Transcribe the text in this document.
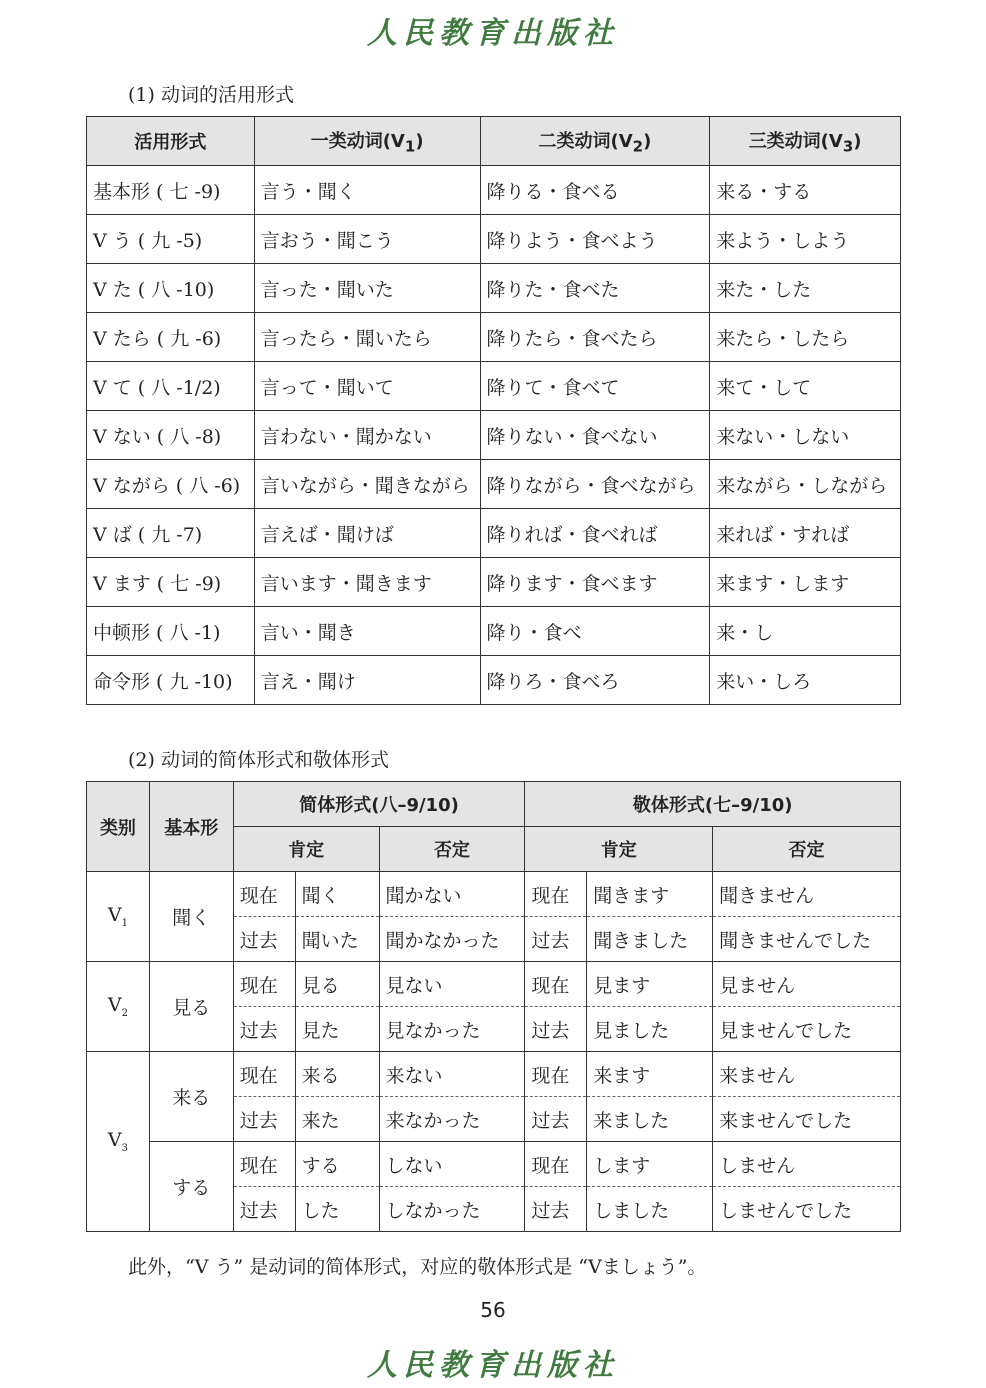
人民教育出版社
(1) 动词的活用形式
活用形式	一类动词$(V_1)$	二类动词$(V_2)$	三类动词$(V_3)$
基本形 ( 七 -9)	言う・聞く	降りる・食べる	来る・する
V う ( 九 -5)	言おう・聞こう	降りよう・食べよう	来よう・しよう
V た ( 八 -10)	言った・聞いた	降りた・食べた	来た・した
V たら ( 九 -6)	言ったら・聞いたら	降りたら・食べたら	来たら・したら
V て ( 八 -1/2)	言って・聞いて	降りて・食べて	来て・して
V ない ( 八 -8)	言わない・聞かない	降りない・食べない	来ない・しない
V ながら ( 八 -6)	言いながら・聞きながら	降りながら・食べながら	来ながら・しながら
V ば ( 九 -7)	言えば・聞けば	降りれば・食べれば	来れば・すれば
V ます ( 七 -9)	言います・聞きます	降ります・食べます	来ます・します
中顿形 ( 八 -1)	言い・聞き	降り・食べ	来・し
命令形 ( 九 -10)	言え・聞け	降りろ・食べろ	来い・しろ
(2) 动词的简体形式和敬体形式
类别	基本形	简体形式(八–9/10)			敬体形式(七–9/10)		
		肯定		否定	肯定		否定
$V_1$	聞く	现在	聞く	聞かない	现在	聞きます	聞きません
		过去	聞いた	聞かなかった	过去	聞きました	聞きませんでした
$V_2$	見る	现在	見る	見ない	现在	見ます	見ません
		过去	見た	見なかった	过去	見ました	見ませんでした
$V_3$	来る	现在	来る	来ない	现在	来ます	来ません
		过去	来た	来なかった	过去	来ました	来ませんでした
	する	现在	する	しない	现在	します	しません
		过去	した	しなかった	过去	しました	しませんでした
此外，“V う” 是动词的简体形式，对应的敬体形式是 “Vましょう”。
56
人民教育出版社
